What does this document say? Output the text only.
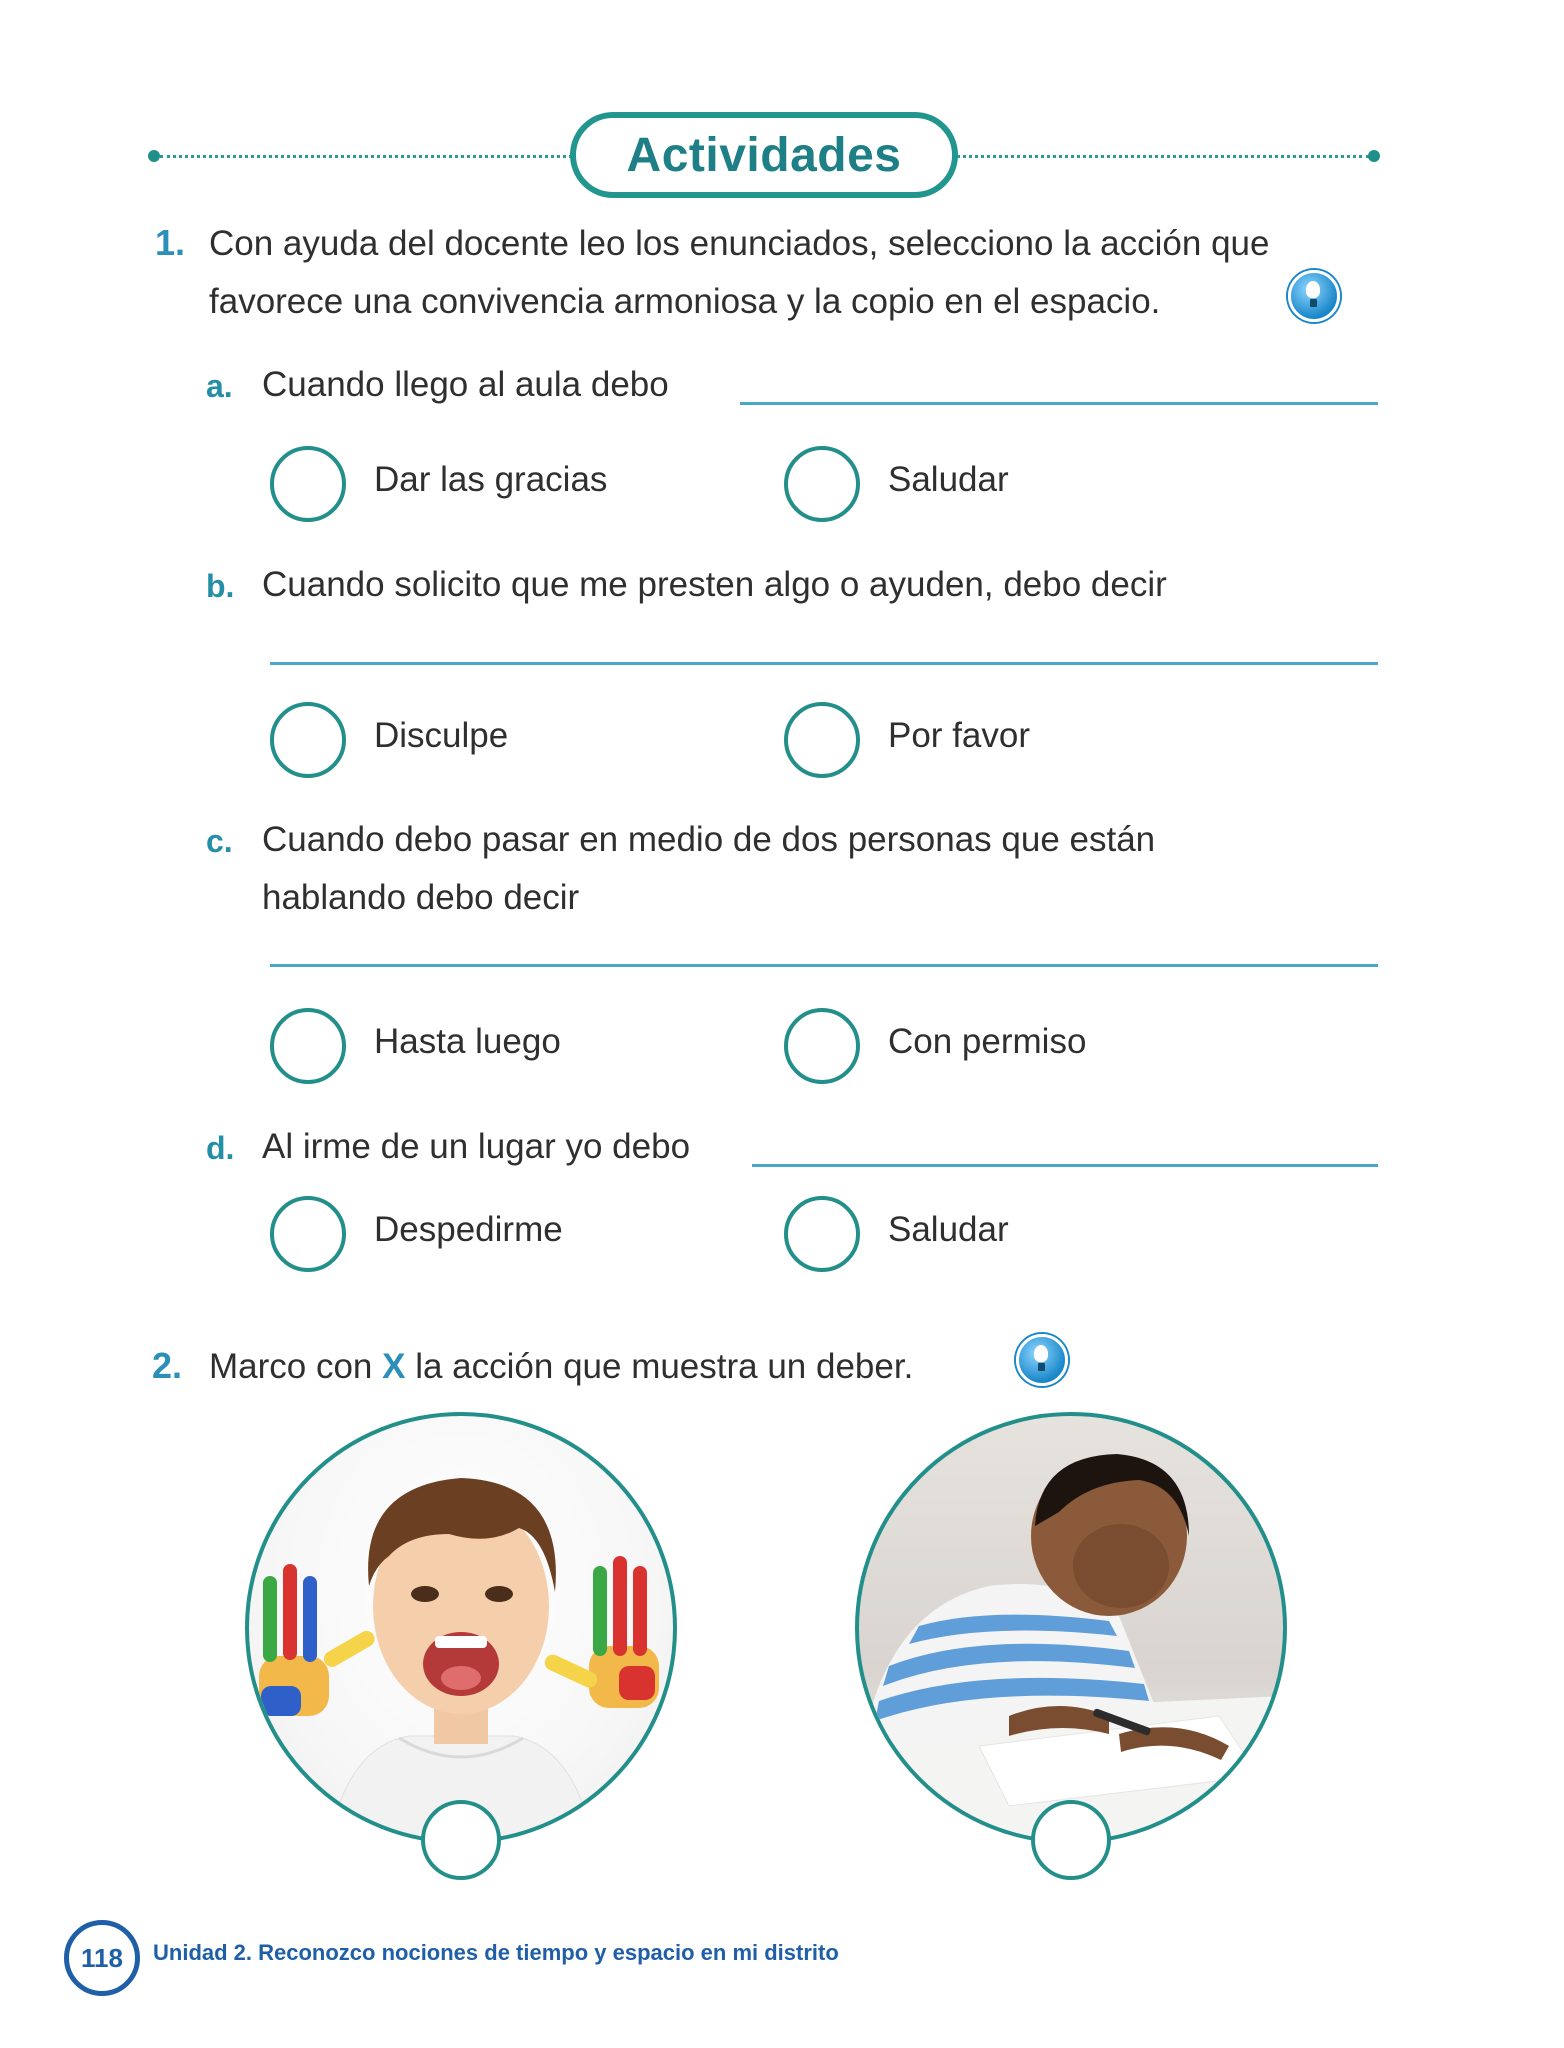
Actividades
1. Con ayuda del docente leo los enunciados, selecciono la acción que
favorece una convivencia armoniosa y la copio en el espacio.
a. Cuando llego al aula debo
Dar las gracias	Saludar
b. Cuando solicito que me presten algo o ayuden, debo decir
Disculpe	Por favor
c. Cuando debo pasar en medio de dos personas que están
hablando debo decir
Hasta luego	Con permiso
d. Al irme de un lugar yo debo
Despedirme	Saludar
2. Marco con X la acción que muestra un deber.
118	Unidad 2. Reconozco nociones de tiempo y espacio en mi distrito
